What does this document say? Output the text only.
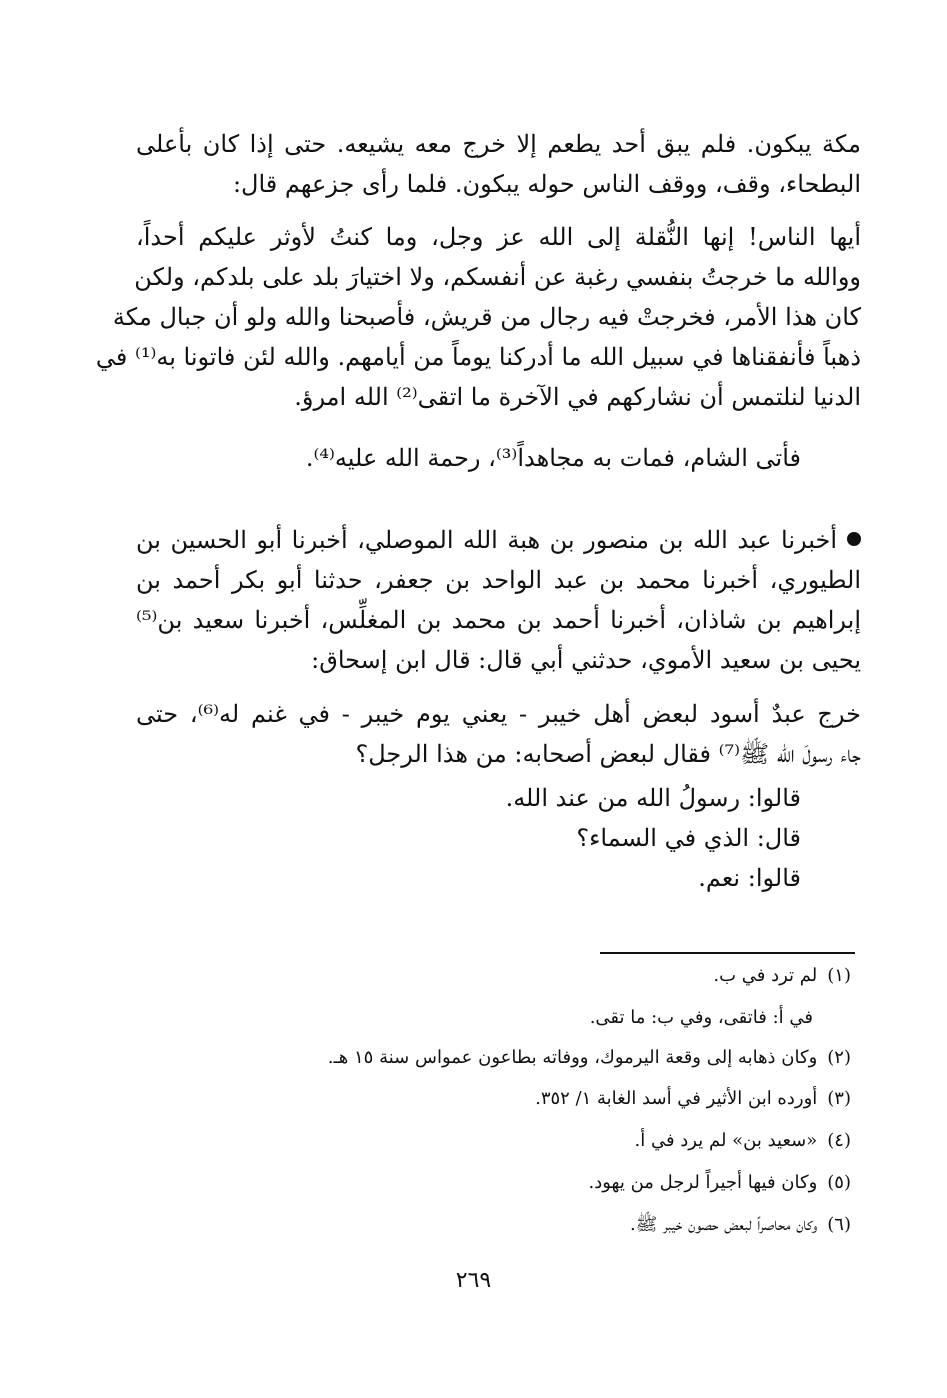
مكة يبكون. فلم يبق أحد يطعم إلا خرج معه يشيعه. حتى إذا كان بأعلى
البطحاء، وقف، ووقف الناس حوله يبكون. فلما رأى جزعهم قال:
أيها الناس! إنها النُّقلة إلى الله عز وجل، وما كنتُ لأوثر عليكم أحداً،
ووالله ما خرجتُ بنفسي رغبة عن أنفسكم، ولا اختيارَ بلد على بلدكم، ولكن
كان هذا الأمر، فخرجتْ فيه رجال من قريش، فأصبحنا والله ولو أن جبال مكة
ذهباً فأنفقناها في سبيل الله ما أدركنا يوماً من أيامهم. والله لئن فاتونا به⁽¹⁾ في
الدنيا لنلتمس أن نشاركهم في الآخرة ما اتقى⁽²⁾ الله امرؤ.
فأتى الشام، فمات به مجاهداً⁽³⁾، رحمة الله عليه⁽⁴⁾.
أخبرنا عبد الله بن منصور بن هبة الله الموصلي، أخبرنا أبو الحسين بن
الطيوري، أخبرنا محمد بن عبد الواحد بن جعفر، حدثنا أبو بكر أحمد بن
إبراهيم بن شاذان، أخبرنا أحمد بن محمد بن المغلِّس، أخبرنا سعيد بن⁽⁵⁾
يحيى بن سعيد الأموي، حدثني أبي قال: قال ابن إسحاق:
خرج عبدٌ أسود لبعض أهل خيبر - يعني يوم خيبر - في غنم له⁽⁶⁾، حتى
جاء رسولَ الله ﷺ⁽⁷⁾ فقال لبعض أصحابه: من هذا الرجل؟
قالوا: رسولُ الله من عند الله.
قال: الذي في السماء؟
قالوا: نعم.
(١)لم ترد في ب.
في أ: فاتقى، وفي ب: ما تقى.
(٢)وكان ذهابه إلى وقعة اليرموك، ووفاته بطاعون عمواس سنة ١٥ هـ.
(٣)أورده ابن الأثير في أسد الغابة ١/ ٣٥٢.
(٤)«سعيد بن» لم يرد في أ.
(٥)وكان فيها أجيراً لرجل من يهود.
(٦)وكان محاصراً لبعض حصون خيبر ﷺ.
٢٦٩
